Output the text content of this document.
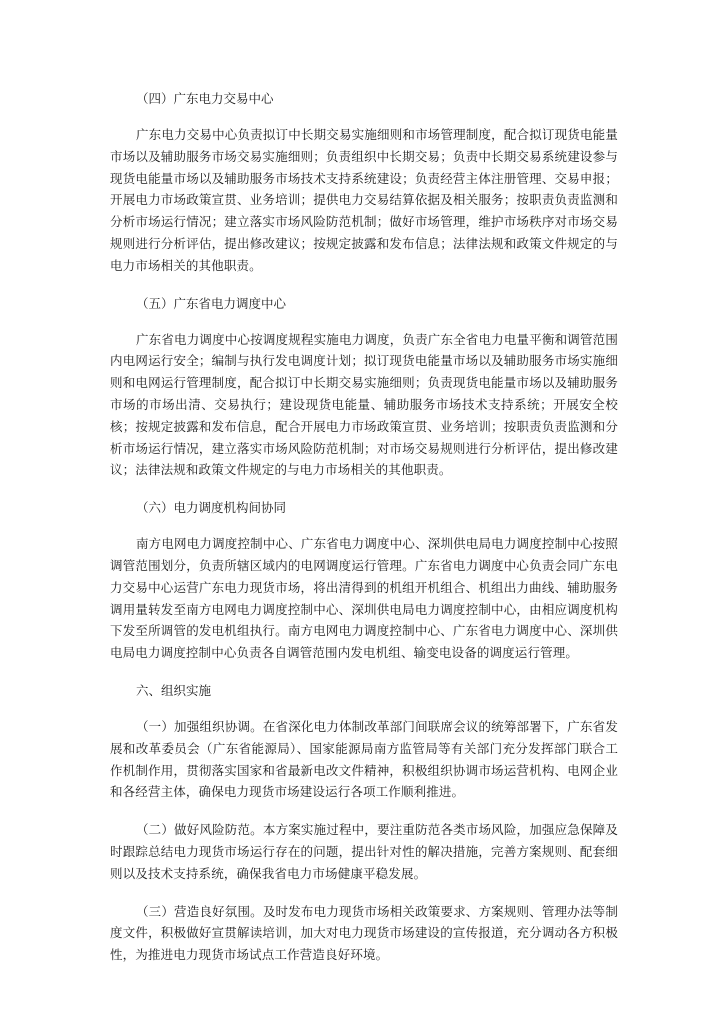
（四）广东电力交易中心

广东电力交易中心负责拟订中长期交易实施细则和市场管理制度，配合拟订现货电能量市场以及辅助服务市场交易实施细则；负责组织中长期交易；负责中长期交易系统建设参与现货电能量市场以及辅助服务市场技术支持系统建设；负责经营主体注册管理、交易申报；开展电力市场政策宣贯、业务培训；提供电力交易结算依据及相关服务；按职责负责监测和分析市场运行情况；建立落实市场风险防范机制；做好市场管理，维护市场秩序对市场交易规则进行分析评估，提出修改建议；按规定披露和发布信息；法律法规和政策文件规定的与电力市场相关的其他职责。

（五）广东省电力调度中心

广东省电力调度中心按调度规程实施电力调度，负责广东全省电力电量平衡和调管范围内电网运行安全；编制与执行发电调度计划；拟订现货电能量市场以及辅助服务市场实施细则和电网运行管理制度，配合拟订中长期交易实施细则；负责现货电能量市场以及辅助服务市场的市场出清、交易执行；建设现货电能量、辅助服务市场技术支持系统；开展安全校核；按规定披露和发布信息，配合开展电力市场政策宣贯、业务培训；按职责负责监测和分析市场运行情况，建立落实市场风险防范机制；对市场交易规则进行分析评估，提出修改建议；法律法规和政策文件规定的与电力市场相关的其他职责。

（六）电力调度机构间协同

南方电网电力调度控制中心、广东省电力调度中心、深圳供电局电力调度控制中心按照调管范围划分，负责所辖区域内的电网调度运行管理。广东省电力调度中心负责会同广东电力交易中心运营广东电力现货市场，将出清得到的机组开机组合、机组出力曲线、辅助服务调用量转发至南方电网电力调度控制中心、深圳供电局电力调度控制中心，由相应调度机构下发至所调管的发电机组执行。南方电网电力调度控制中心、广东省电力调度中心、深圳供电局电力调度控制中心负责各自调管范围内发电机组、输变电设备的调度运行管理。

六、组织实施

（一）加强组织协调。在省深化电力体制改革部门间联席会议的统筹部署下，广东省发展和改革委员会（广东省能源局）、国家能源局南方监管局等有关部门充分发挥部门联合工作机制作用，贯彻落实国家和省最新电改文件精神，积极组织协调市场运营机构、电网企业和各经营主体，确保电力现货市场建设运行各项工作顺利推进。

（二）做好风险防范。本方案实施过程中，要注重防范各类市场风险，加强应急保障及时跟踪总结电力现货市场运行存在的问题，提出针对性的解决措施，完善方案规则、配套细则以及技术支持系统，确保我省电力市场健康平稳发展。

（三）营造良好氛围。及时发布电力现货市场相关政策要求、方案规则、管理办法等制度文件，积极做好宣贯解读培训，加大对电力现货市场建设的宣传报道，充分调动各方积极性，为推进电力现货市场试点工作营造良好环境。
